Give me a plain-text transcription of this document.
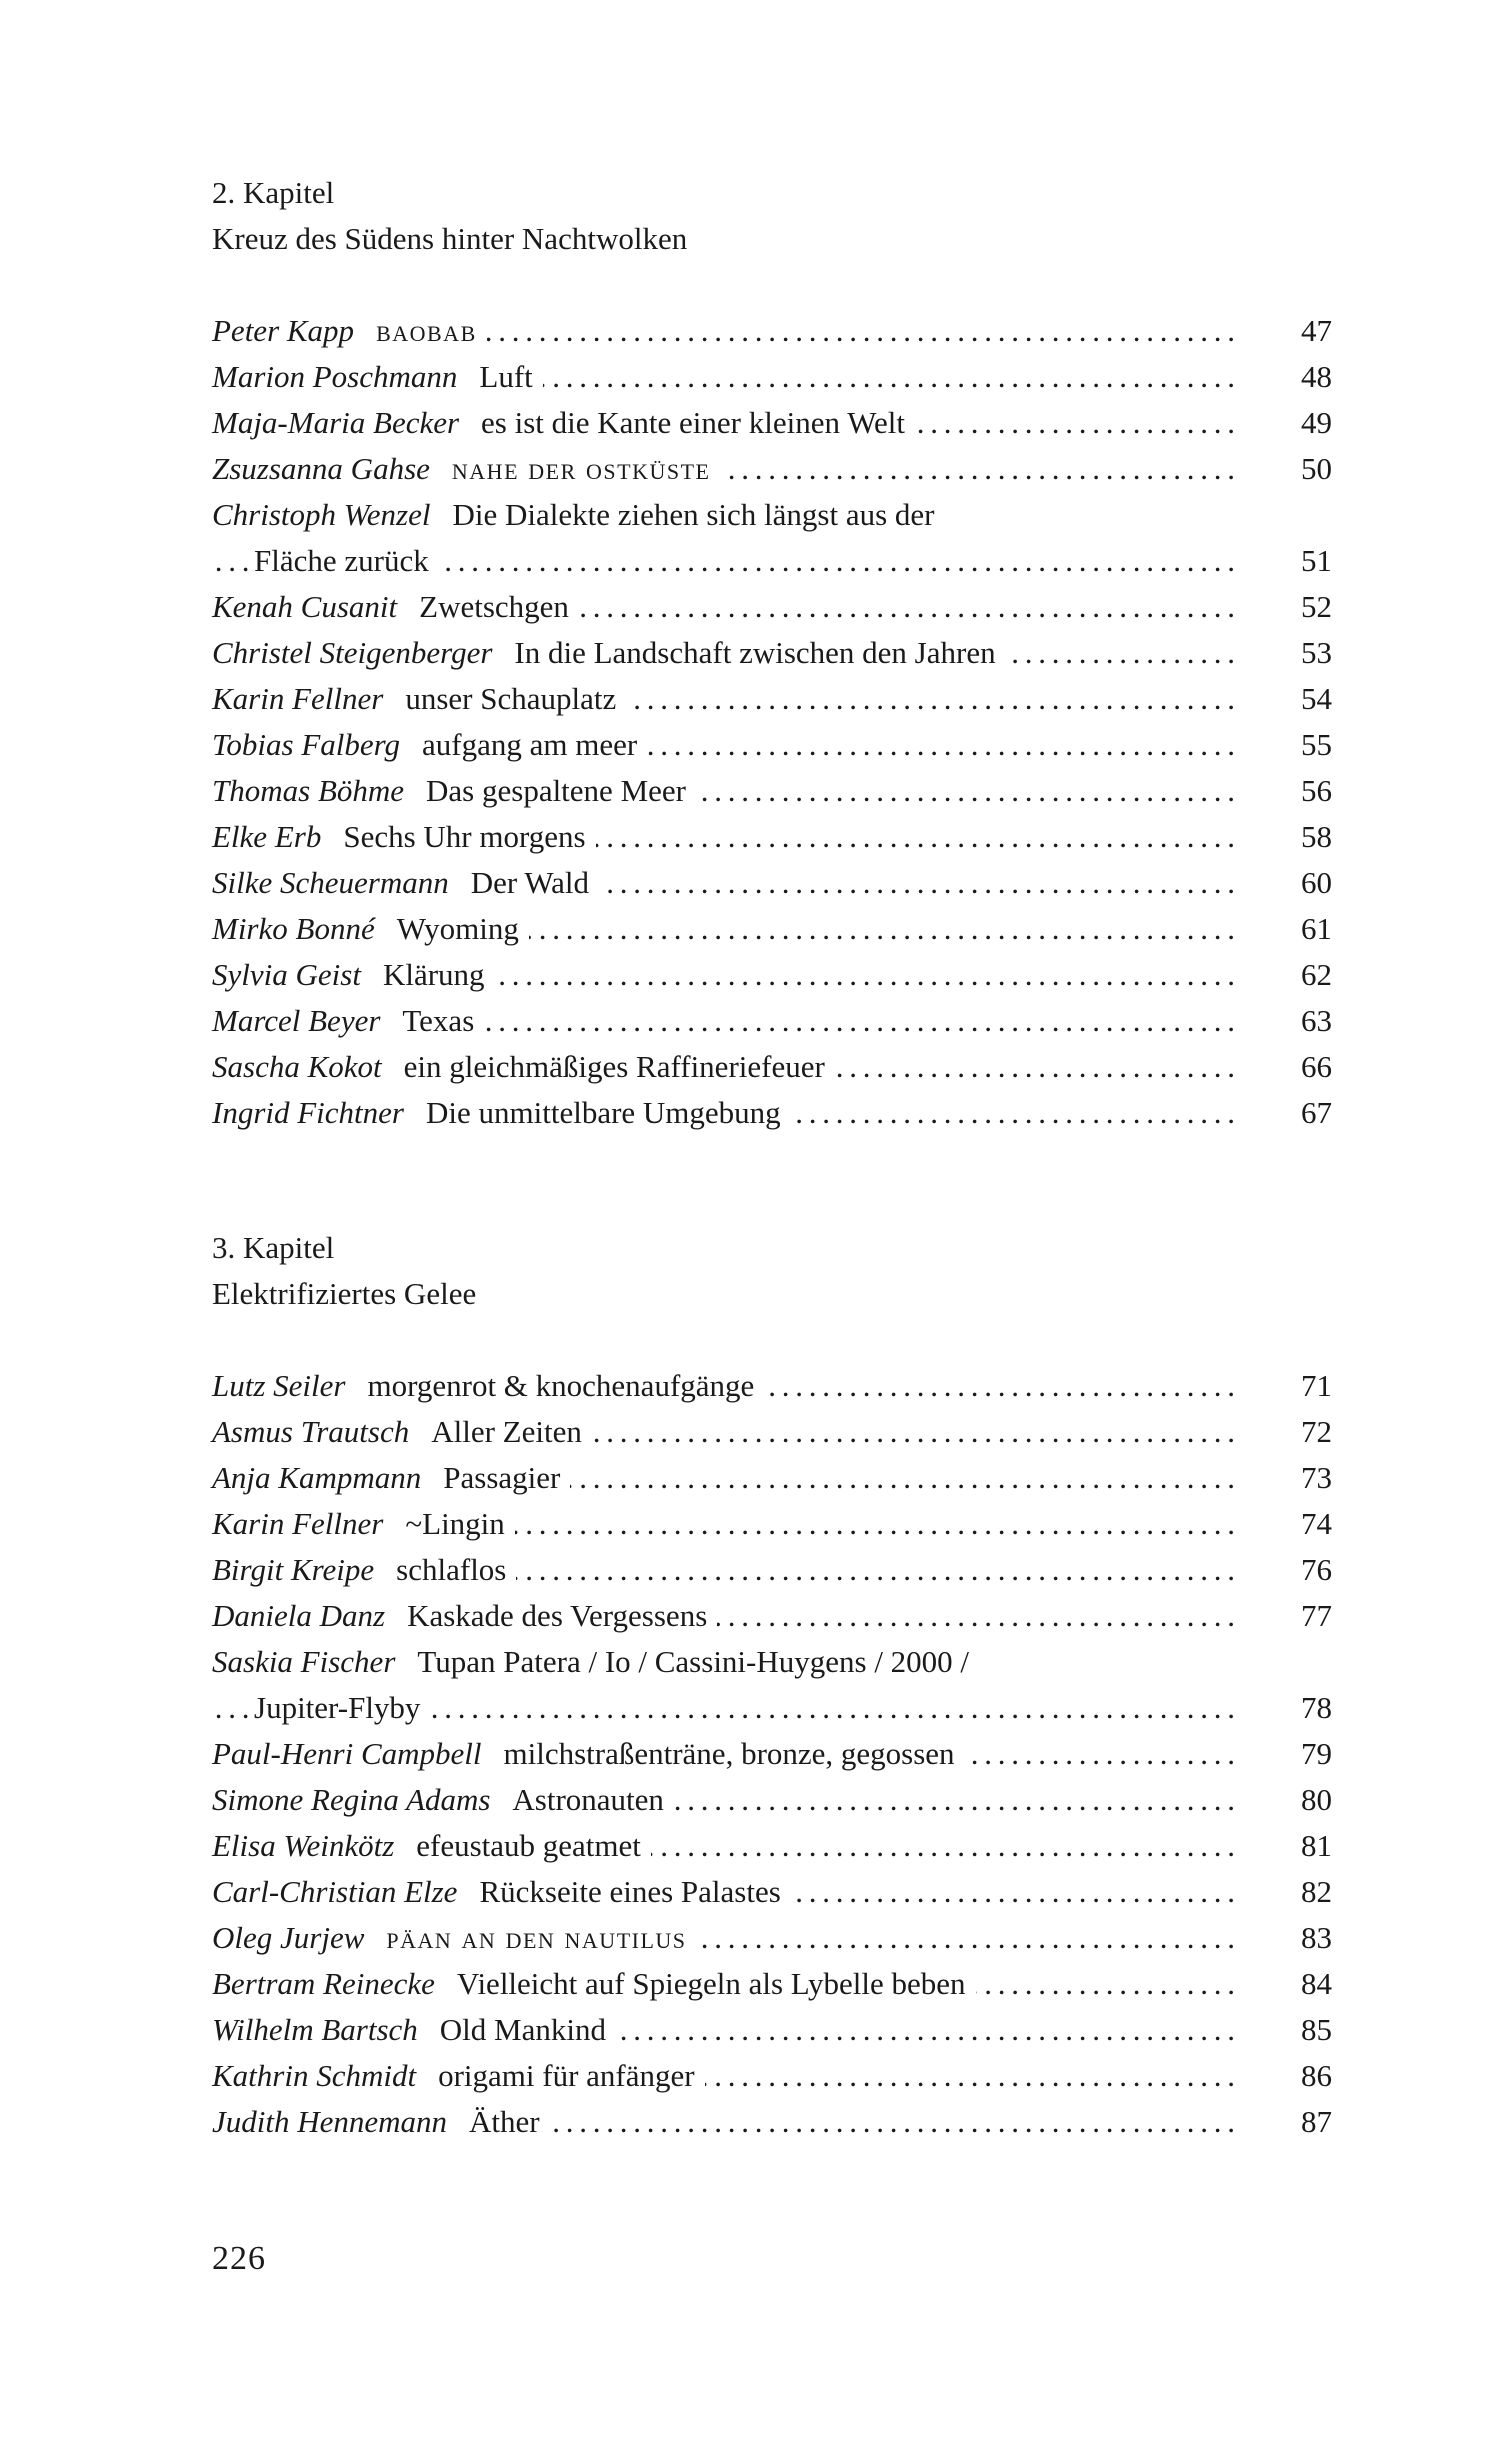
2. Kapitel
Kreuz des Südens hinter Nachtwolken
Peter Kapp baobab . . .	47
Marion Poschmann Luft . . .	48
Maja-Maria Becker es ist die Kante einer kleinen Welt . . .	49
Zsuzsanna Gahse nahe der ostküste . . .	50
Christoph Wenzel Die Dialekte ziehen sich längst aus der
Fläche zurück . . .	51
Kenah Cusanit Zwetschgen . . .	52
Christel Steigenberger In die Landschaft zwischen den Jahren . . .	53
Karin Fellner unser Schauplatz . . .	54
Tobias Falberg aufgang am meer . . .	55
Thomas Böhme Das gespaltene Meer . . .	56
Elke Erb Sechs Uhr morgens . . .	58
Silke Scheuermann Der Wald . . .	60
Mirko Bonné Wyoming . . .	61
Sylvia Geist Klärung . . .	62
Marcel Beyer Texas . . .	63
Sascha Kokot ein gleichmäßiges Raffineriefeuer . . .	66
Ingrid Fichtner Die unmittelbare Umgebung . . .	67
3. Kapitel
Elektrifiziertes Gelee
Lutz Seiler morgenrot & knochenaufgänge . . .	71
Asmus Trautsch Aller Zeiten . . .	72
Anja Kampmann Passagier . . .	73
Karin Fellner ~Lingin . . .	74
Birgit Kreipe schlaflos . . .	76
Daniela Danz Kaskade des Vergessens . . .	77
Saskia Fischer Tupan Patera / Io / Cassini-Huygens / 2000 /
Jupiter-Flyby . . .	78
Paul-Henri Campbell milchstraßenträne, bronze, gegossen . . .	79
Simone Regina Adams Astronauten . . .	80
Elisa Weinkötz efeustaub geatmet . . .	81
Carl-Christian Elze Rückseite eines Palastes . . .	82
Oleg Jurjew päan an den nautilus . . .	83
Bertram Reinecke Vielleicht auf Spiegeln als Lybelle beben . . .	84
Wilhelm Bartsch Old Mankind . . .	85
Kathrin Schmidt origami für anfänger . . .	86
Judith Hennemann Äther . . .	87
226
